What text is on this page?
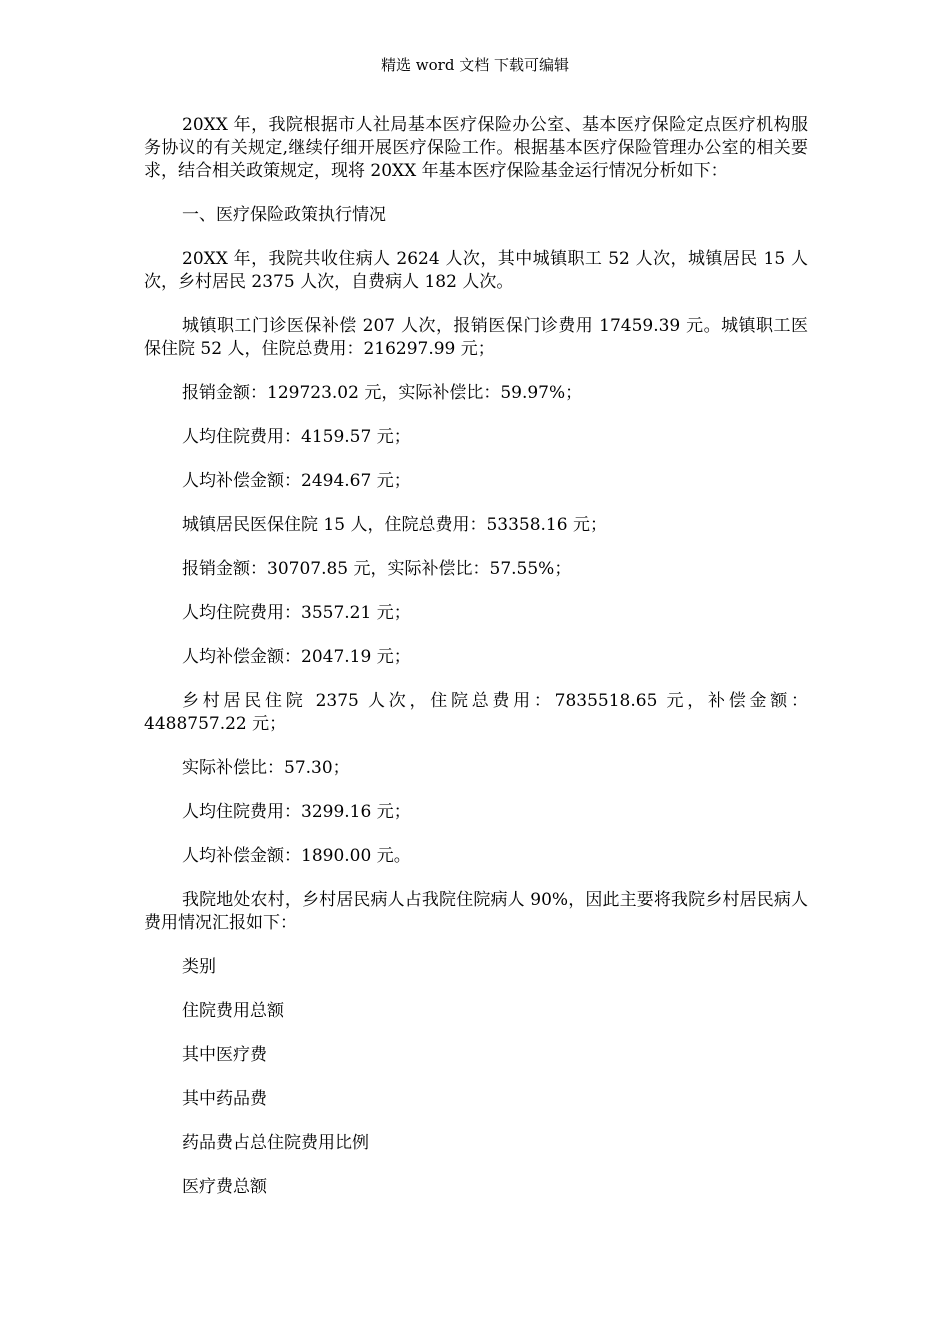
精选 word 文档 下载可编辑

20XX 年，我院根据市人社局基本医疗保险办公室、基本医疗保险定点医疗机构服务协议的有关规定,继续仔细开展医疗保险工作。根据基本医疗保险管理办公室的相关要求，结合相关政策规定，现将 20XX 年基本医疗保险基金运行情况分析如下：

一、医疗保险政策执行情况

20XX 年，我院共收住病人 2624 人次，其中城镇职工 52 人次，城镇居民 15 人次，乡村居民 2375 人次，自费病人 182 人次。

城镇职工门诊医保补偿 207 人次，报销医保门诊费用 17459.39 元。城镇职工医保住院 52 人，住院总费用：216297.99 元；

报销金额：129723.02 元，实际补偿比：59.97%；

人均住院费用：4159.57 元；

人均补偿金额：2494.67 元；

城镇居民医保住院 15 人，住院总费用：53358.16 元；

报销金额：30707.85 元，实际补偿比：57.55%；

人均住院费用：3557.21 元；

人均补偿金额：2047.19 元；

乡村居民住院 2375 人次，住院总费用：7835518.65 元，补偿金额：4488757.22 元；

实际补偿比：57.30；

人均住院费用：3299.16 元；

人均补偿金额：1890.00 元。

我院地处农村，乡村居民病人占我院住院病人 90%，因此主要将我院乡村居民病人费用情况汇报如下：

类别

住院费用总额

其中医疗费

其中药品费

药品费占总住院费用比例

医疗费总额
